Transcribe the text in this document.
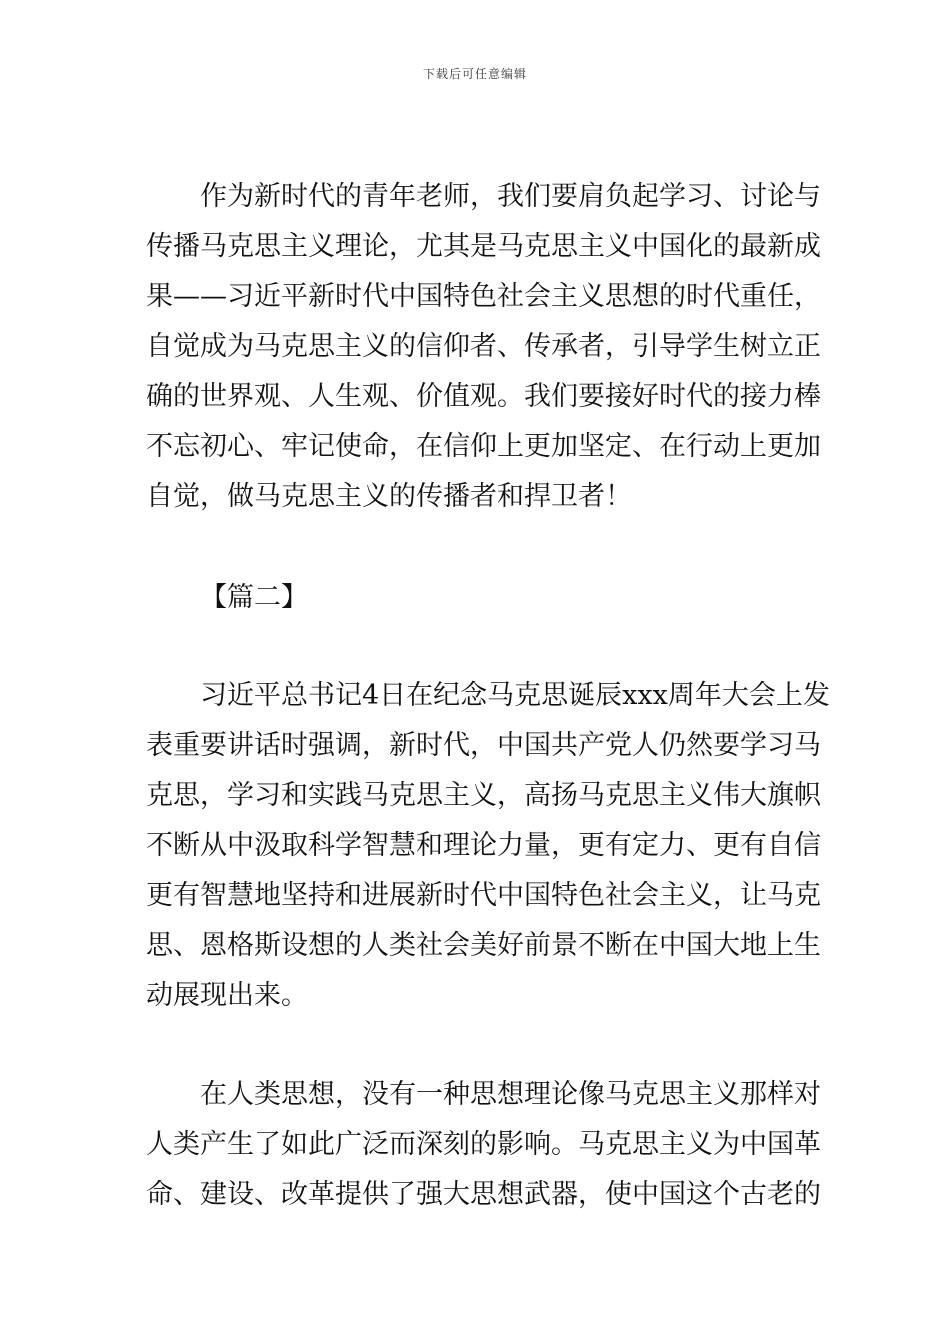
下载后可任意编辑
作为新时代的青年老师，我们要肩负起学习、讨论与
传播马克思主义理论，尤其是马克思主义中国化的最新成
果——习近平新时代中国特色社会主义思想的时代重任，
自觉成为马克思主义的信仰者、传承者，引导学生树立正
确的世界观、人生观、价值观。我们要接好时代的接力棒
不忘初心、牢记使命，在信仰上更加坚定、在行动上更加
自觉，做马克思主义的传播者和捍卫者！
【篇二】
习近平总书记4日在纪念马克思诞辰xxx周年大会上发
表重要讲话时强调，新时代，中国共产党人仍然要学习马
克思，学习和实践马克思主义，高扬马克思主义伟大旗帜
不断从中汲取科学智慧和理论力量，更有定力、更有自信
更有智慧地坚持和进展新时代中国特色社会主义，让马克
思、恩格斯设想的人类社会美好前景不断在中国大地上生
动展现出来。
在人类思想，没有一种思想理论像马克思主义那样对
人类产生了如此广泛而深刻的影响。马克思主义为中国革
命、建设、改革提供了强大思想武器，使中国这个古老的
